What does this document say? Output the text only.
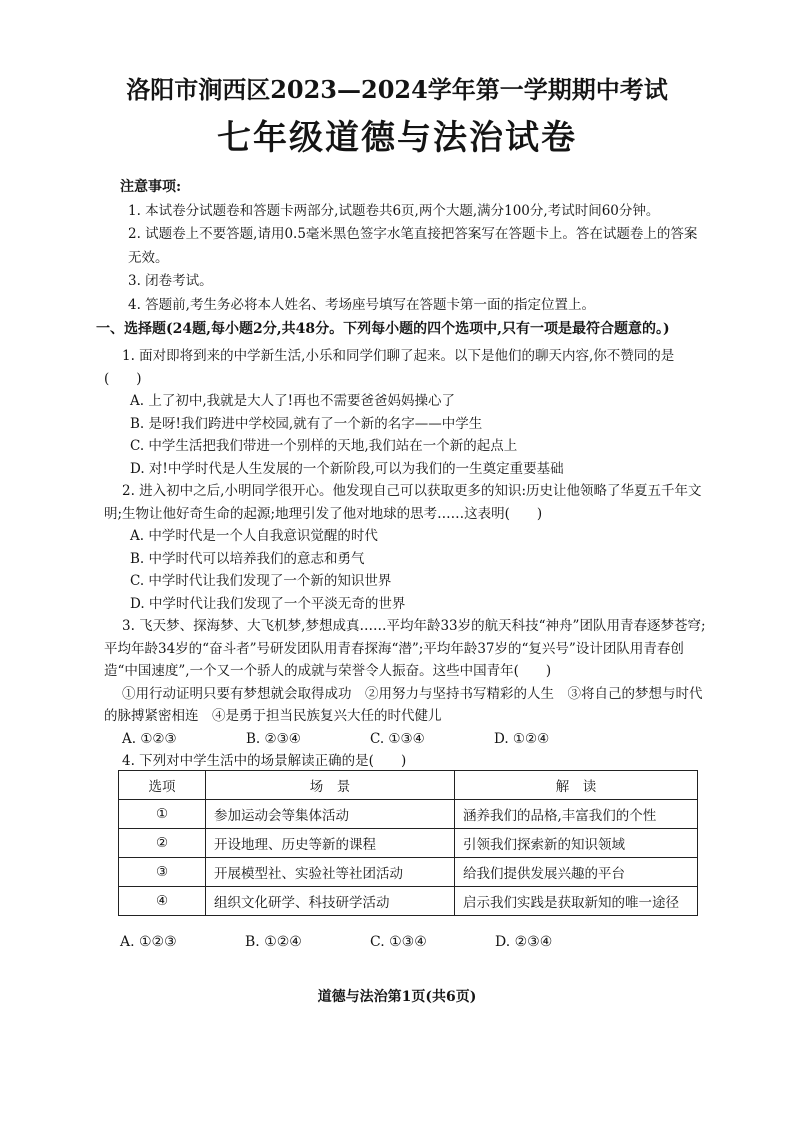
洛阳市涧西区2023—2024学年第一学期期中考试
七年级道德与法治试卷

注意事项:

1. 本试卷分试题卷和答题卡两部分,试题卷共6页,两个大题,满分100分,考试时间60分钟。

2. 试题卷上不要答题,请用0.5毫米黑色签字水笔直接把答案写在答题卡上。答在试题卷上的答案无效。

3. 闭卷考试。

4. 答题前,考生务必将本人姓名、考场座号填写在答题卡第一面的指定位置上。

一、选择题(24题,每小题2分,共48分。下列每小题的四个选项中,只有一项是最符合题意的。)

1. 面对即将到来的中学新生活,小乐和同学们聊了起来。以下是他们的聊天内容,你不赞同的是(　　)

A. 上了初中,我就是大人了!再也不需要爸爸妈妈操心了

B. 是呀!我们跨进中学校园,就有了一个新的名字——中学生

C. 中学生活把我们带进一个别样的天地,我们站在一个新的起点上

D. 对!中学时代是人生发展的一个新阶段,可以为我们的一生奠定重要基础

2. 进入初中之后,小明同学很开心。他发现自己可以获取更多的知识:历史让他领略了华夏五千年文明;生物让他好奇生命的起源;地理引发了他对地球的思考……这表明(　　)

A. 中学时代是一个人自我意识觉醒的时代

B. 中学时代可以培养我们的意志和勇气

C. 中学时代让我们发现了一个新的知识世界

D. 中学时代让我们发现了一个平淡无奇的世界

3. 飞天梦、探海梦、大飞机梦,梦想成真……平均年龄33岁的航天科技“神舟”团队用青春逐梦苍穹;平均年龄34岁的“奋斗者”号研发团队用青春探海“潜”;平均年龄37岁的“复兴号”设计团队用青春创造“中国速度”,一个又一个骄人的成就与荣誉令人振奋。这些中国青年(　　)

①用行动证明只要有梦想就会取得成功　②用努力与坚持书写精彩的人生　③将自己的梦想与时代的脉搏紧密相连　④是勇于担当民族复兴大任的时代健儿

A. ①②③	B. ②③④	C. ①③④	D. ①②④

4. 下列对中学生活中的场景解读正确的是(　　)

选项	场　景	解　读
①	参加运动会等集体活动	涵养我们的品格,丰富我们的个性
②	开设地理、历史等新的课程	引领我们探索新的知识领域
③	开展模型社、实验社等社团活动	给我们提供发展兴趣的平台
④	组织文化研学、科技研学活动	启示我们实践是获取新知的唯一途径
A. ①②③	B. ①②④	C. ①③④	D. ②③④
道德与法治第1页(共6页)
